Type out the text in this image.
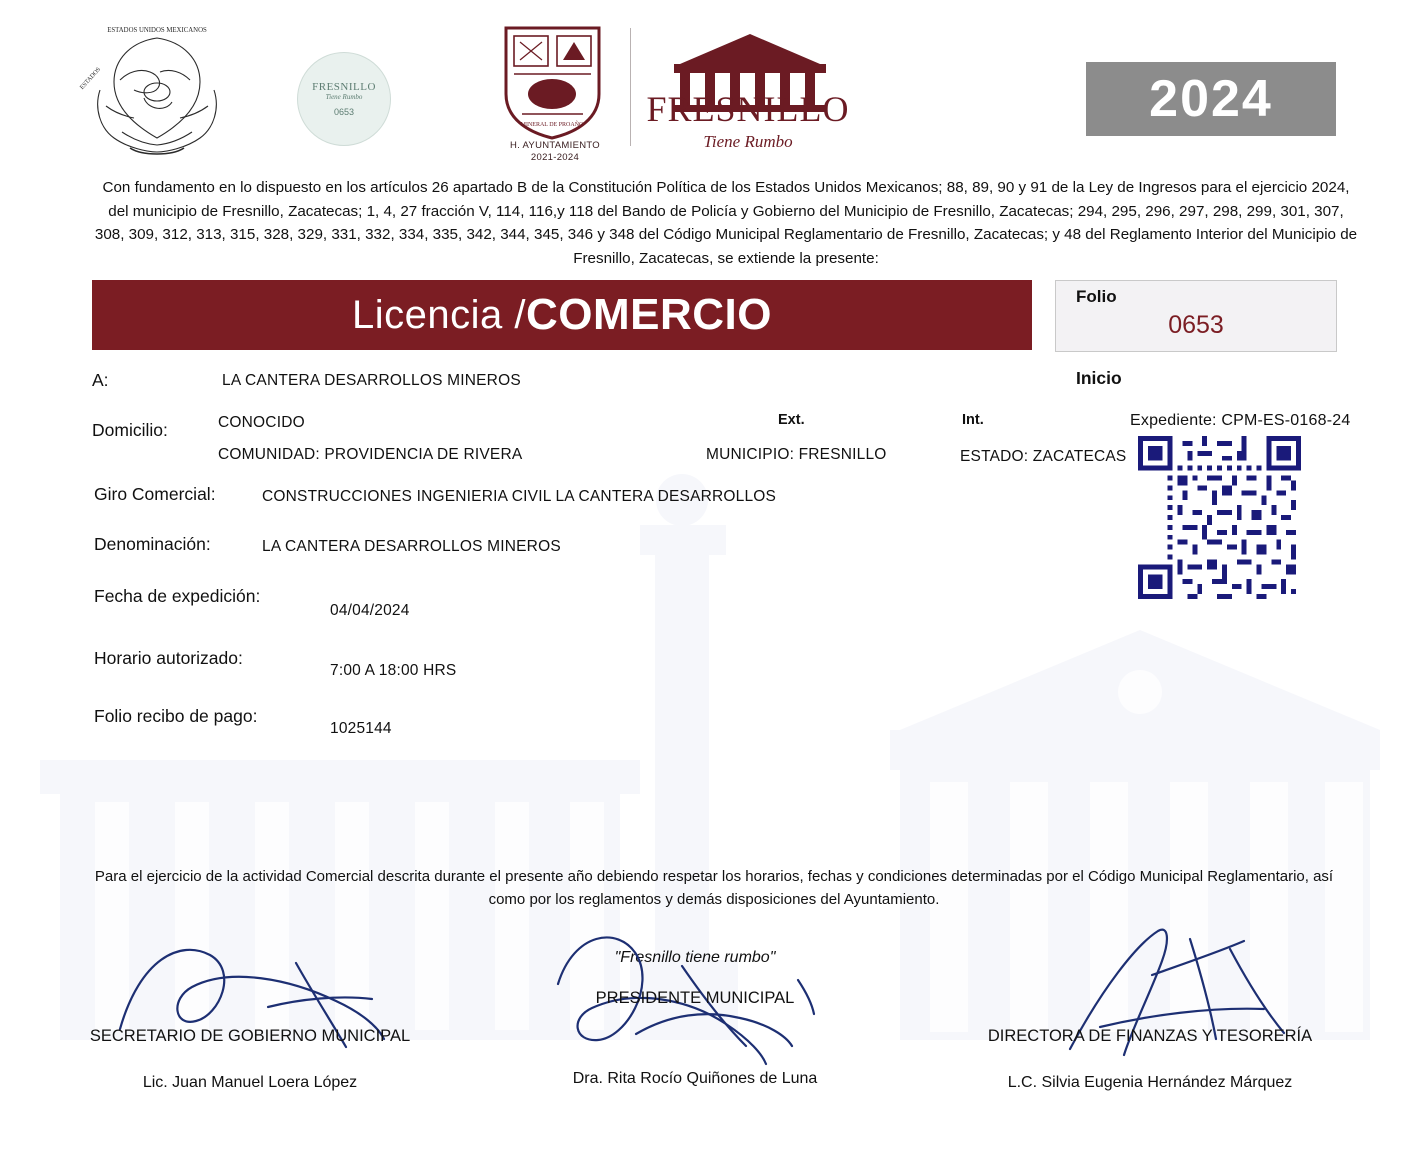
ESTADOS
ESTADOS UNIDOS MEXICANOS
FRESNILLO
Tiene Rumbo
0653
MINERAL DE PROAÑO
H. AYUNTAMIENTO
2021-2024
FRESNILLO
Tiene Rumbo
2024

Con fundamento en lo dispuesto en los artículos 26 apartado B de la Constitución Política de los Estados Unidos Mexicanos; 88, 89, 90 y 91 de la Ley de Ingresos para el ejercicio 2024, del municipio de Fresnillo, Zacatecas; 1, 4, 27 fracción V, 114, 116,y 118 del Bando de Policía y Gobierno del Municipio de Fresnillo, Zacatecas; 294, 295, 296, 297, 298, 299, 301, 307, 308, 309, 312, 313, 315, 328, 329, 331, 332, 334, 335, 342, 344, 345, 346 y 348 del Código Municipal Reglamentario de Fresnillo, Zacatecas; y 48 del Reglamento Interior del Municipio de Fresnillo, Zacatecas, se extiende la presente:

Licencia / COMERCIO	Folio
0653
A:	LA CANTERA DESARROLLOS MINEROS
Domicilio:	CONOCIDO
COMUNIDAD: PROVIDENCIA DE RIVERA
Ext.	Int.
MUNICIPIO: FRESNILLO	ESTADO: ZACATECAS
Inicio
Expediente: CPM-ES-0168-24
Giro Comercial:	CONSTRUCCIONES INGENIERIA CIVIL LA CANTERA DESARROLLOS
Denominación:	LA CANTERA DESARROLLOS MINEROS
Fecha de expedición:
04/04/2024
Horario autorizado:
7:00 A 18:00 HRS
Folio recibo de pago:
1025144

Para el ejercicio de la actividad Comercial descrita durante el presente año debiendo respetar los horarios, fechas y condiciones determinadas por el Código Municipal Reglamentario, así como por los reglamentos y demás disposiciones del Ayuntamiento.

"Fresnillo tiene rumbo"
SECRETARIO DE GOBIERNO MUNICIPAL
Lic. Juan Manuel Loera López
PRESIDENTE MUNICIPAL
Dra. Rita Rocío Quiñones de Luna
DIRECTORA DE FINANZAS Y TESORERÍA
L.C. Silvia Eugenia Hernández Márquez
